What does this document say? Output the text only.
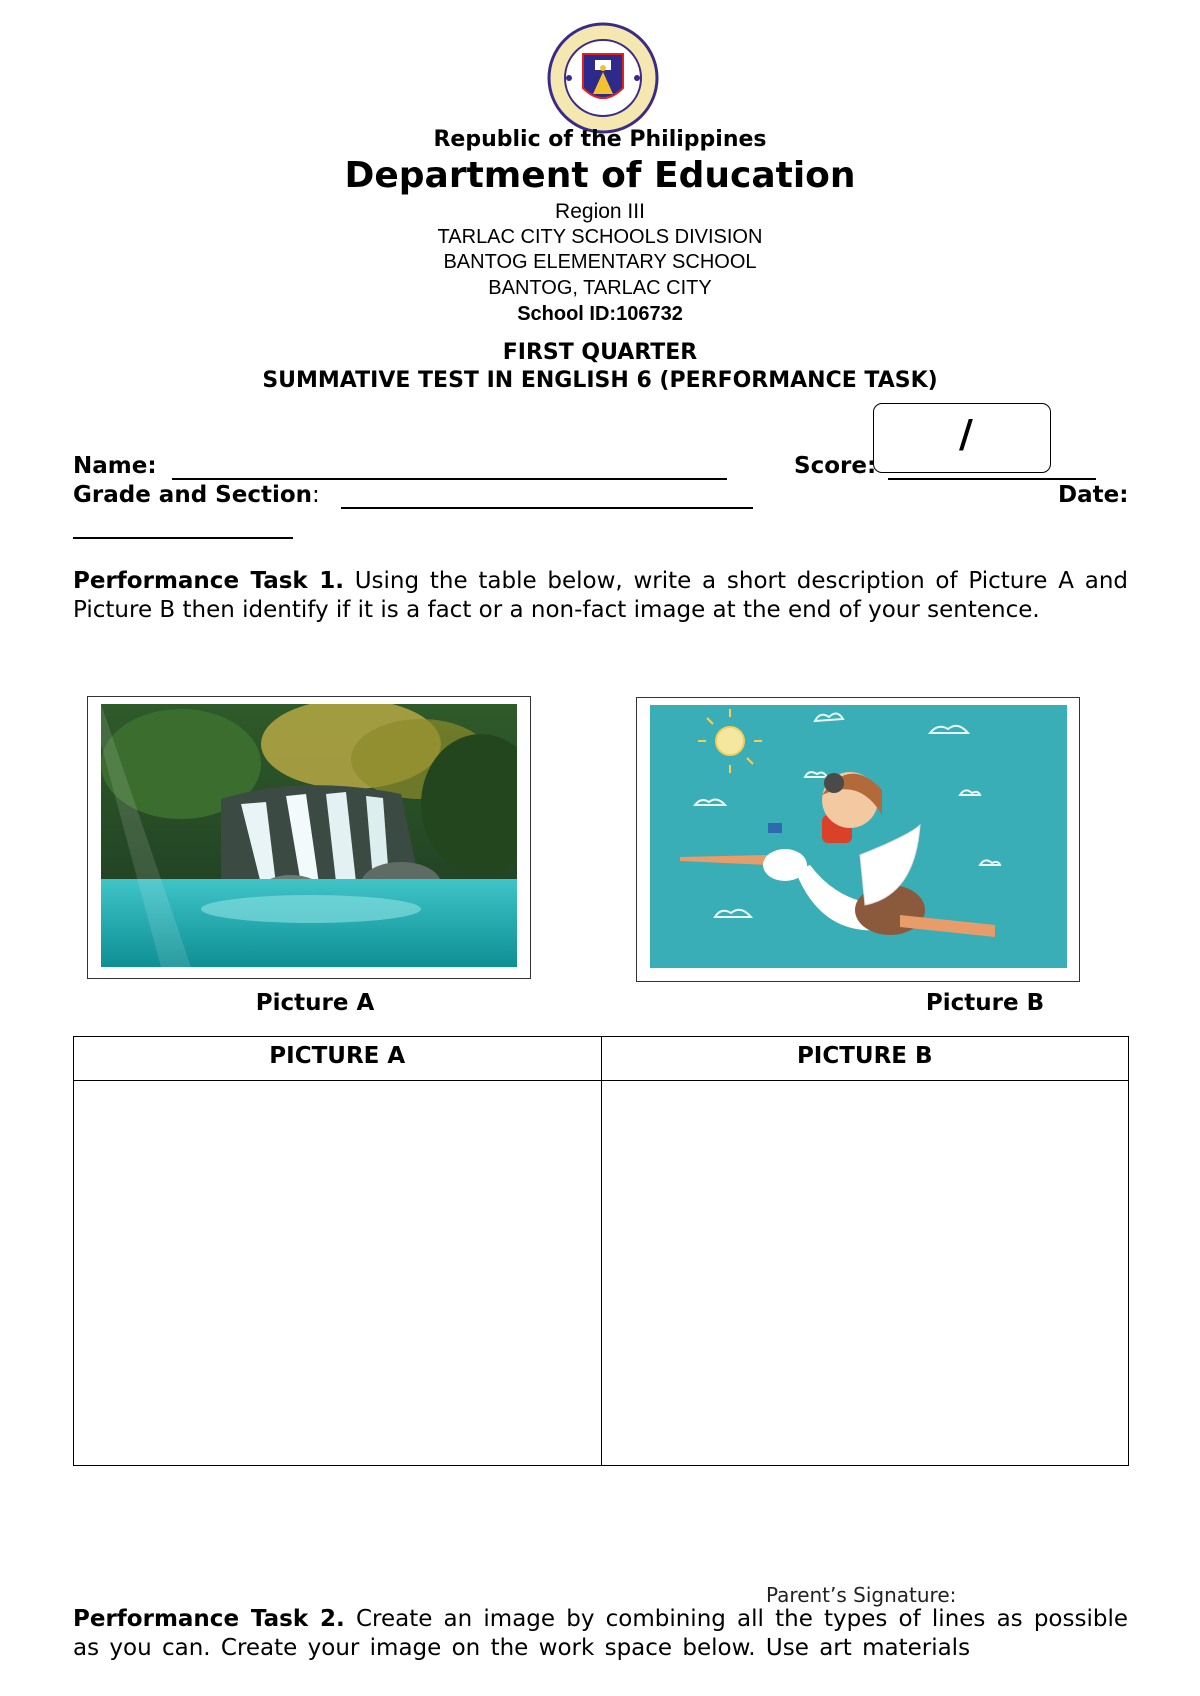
Republic of the Philippines
Department of Education
Region III
TARLAC CITY SCHOOLS DIVISION
BANTOG ELEMENTARY SCHOOL
BANTOG, TARLAC CITY
School ID:106732
FIRST QUARTER
SUMMATIVE TEST IN ENGLISH 6 (PERFORMANCE TASK)
/
Name:	Score:
Grade and Section:	Date:
Performance Task 1. Using the table below, write a short description of Picture A and Picture B then identify if it is a fact or a non-fact image at the end of your sentence.
Picture A	Picture B
PICTURE A	PICTURE B

Parent’s Signature:
Performance Task 2. Create an image by combining all the types of lines as possible as you can. Create your image on the work space below. Use art materials
